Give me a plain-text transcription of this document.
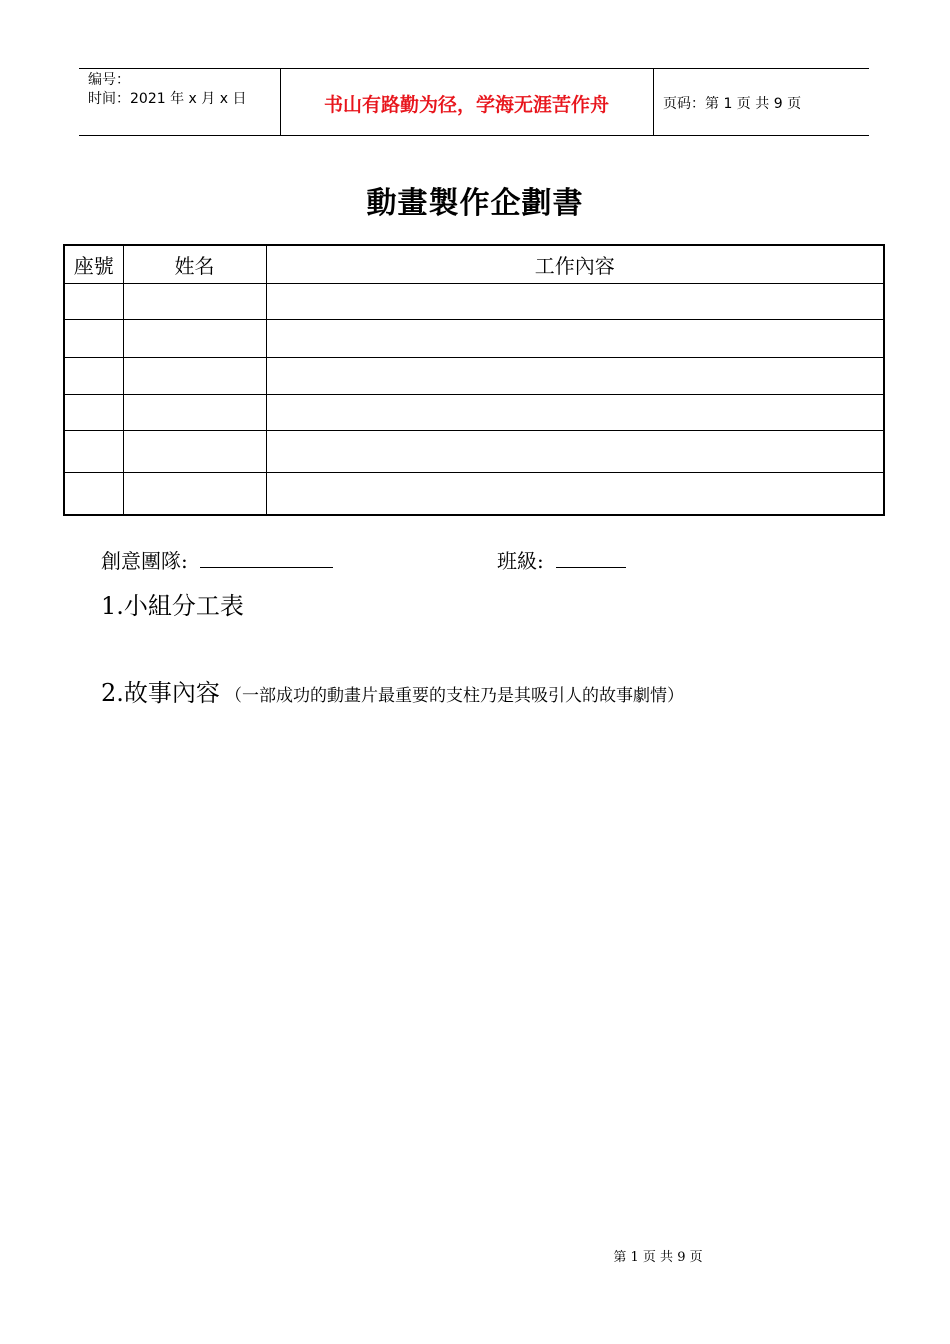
编号：
时间：2021 年 x 月 x 日	书山有路勤为径，学海无涯苦作舟	页码：第 1 页 共 9 页
動畫製作企劃書
座號	姓名	工作內容

創意團隊:	班級:
1.小組分工表
2.故事內容 （一部成功的動畫片最重要的支柱乃是其吸引人的故事劇情）
第 1 页 共 9 页
